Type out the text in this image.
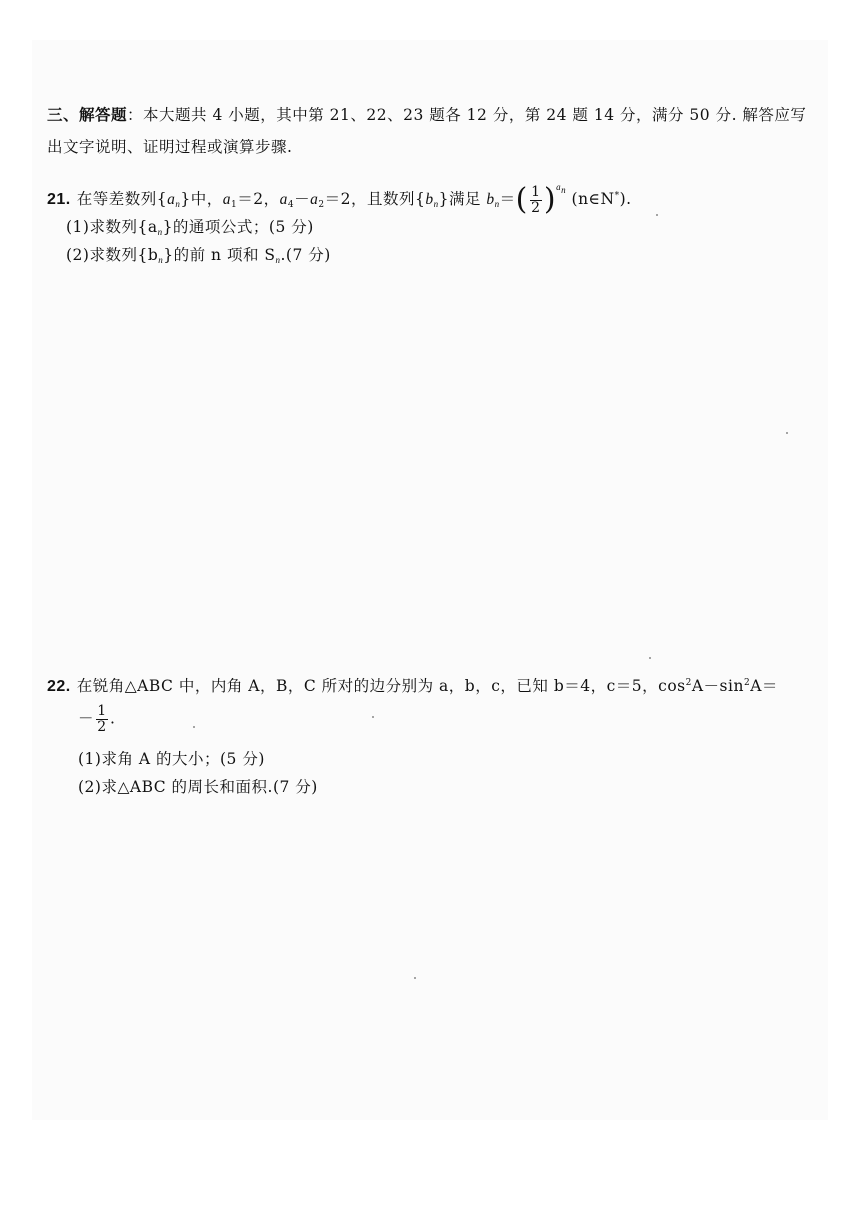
三、解答题：本大题共 4 小题，其中第 21、22、23 题各 12 分，第 24 题 14 分，满分 50 分. 解答应写
出文字说明、证明过程或演算步骤.
21. 在等差数列$\{a_n\}$中，$a_1=2$，$a_4-a_2=2$，且数列$\{b_n\}$满足 $b_n=( \frac{1}{2} )^{a_n}$ (n∈N*).
(1)求数列$\{a_n\}$的通项公式；(5 分)
(2)求数列$\{b_n\}$的前 n 项和 $S_n.(7$ 分)
22. 在锐角△ABC 中，内角 A，B，C 所对的边分别为 a，b，c，已知 b＝4，c＝5，$\cos^2A-\sin^2A=$
－ $\frac{1}{2}$ .
(1)求角 A 的大小；(5 分)
(2)求△ABC 的周长和面积.(7 分)
